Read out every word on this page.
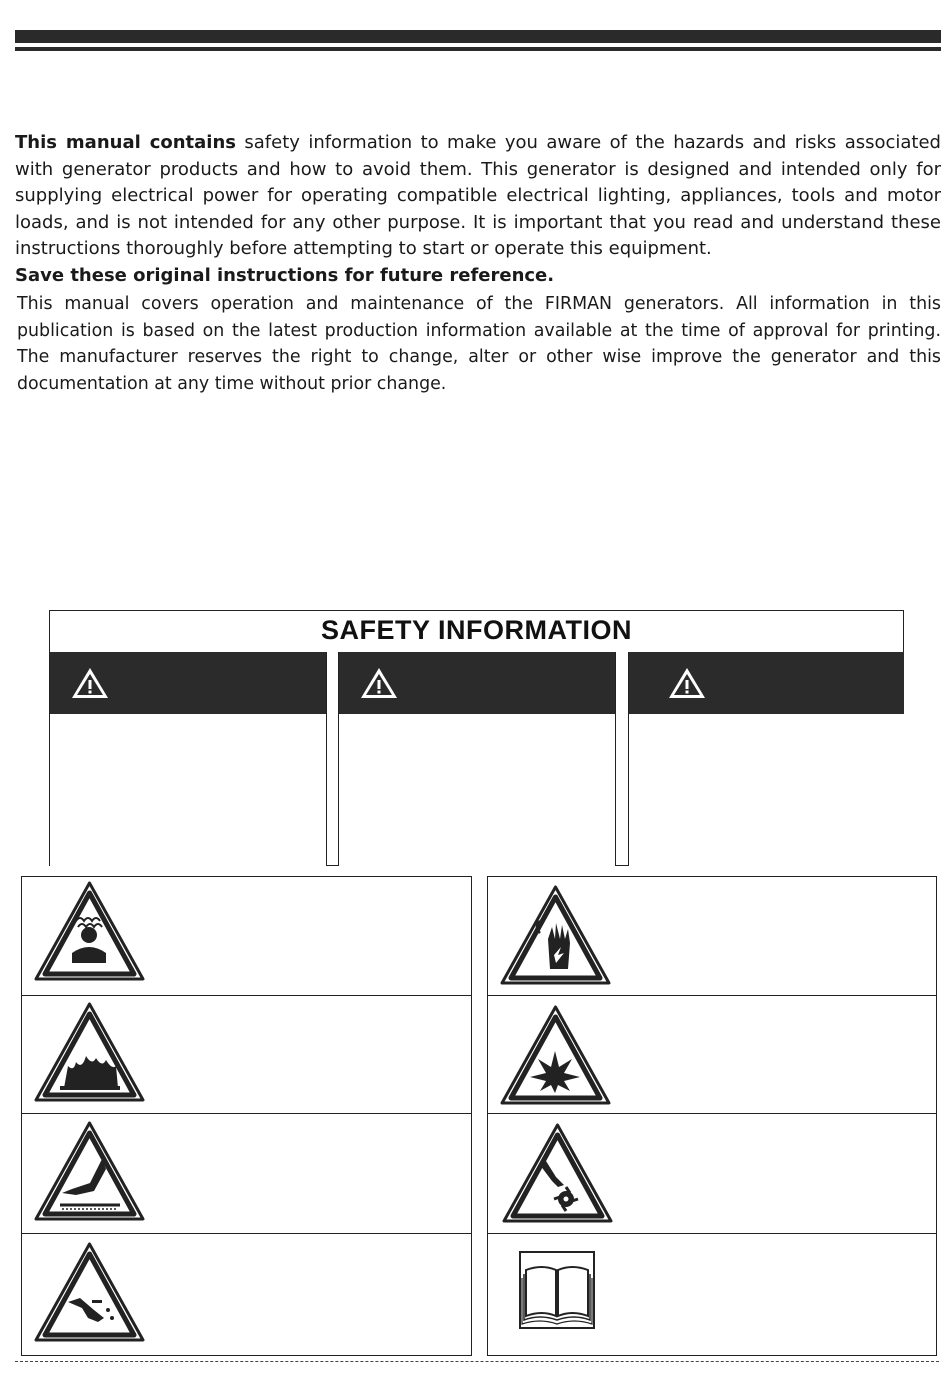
This manual contains safety information to make you aware of the hazards and risks associated with generator products and how to avoid them. This generator is designed and intended only for supplying electrical power for operating compatible electrical lighting, appliances, tools and motor loads, and is not intended for any other purpose. It is important that you read and understand these instructions thoroughly before attempting to start or operate this equipment.

Save these original instructions for future reference.

This manual covers operation and maintenance of the FIRMAN generators. All information in this publication is based on the latest production information available at the time of approval for printing. The manufacturer reserves the right to change, alter or other wise improve the generator and this documentation at any time without prior change.

SAFETY INFORMATION
